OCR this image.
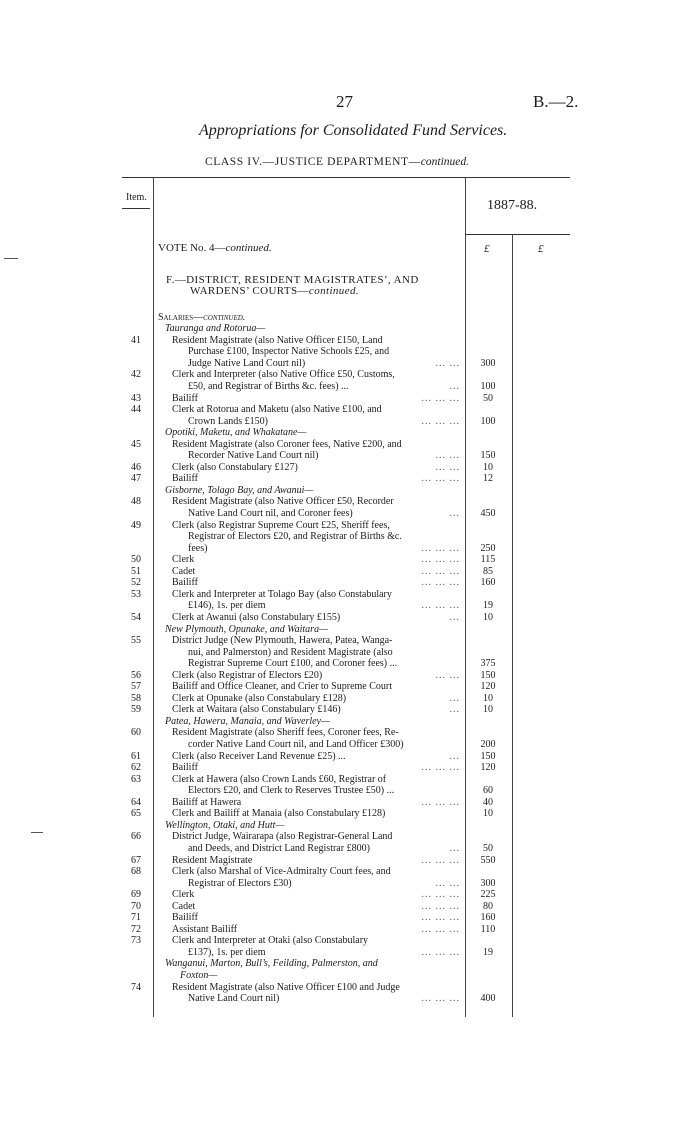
27	B.—2.
Appropriations for Consolidated Fund Services.
CLASS IV.—JUSTICE DEPARTMENT—continued.
Item.
1887-88.
£	£
VOTE No. 4—continued.
F.—DISTRICT, RESIDENT MAGISTRATES’, AND
WARDENS’ COURTS—continued.
Salaries—continued.
Tauranga and Rotorua—
41	Resident Magistrate (also Native Officer £150, Land
Purchase £100, Inspector Native Schools £25, and
Judge Native Land Court nil)	... ...	300
42	Clerk and Interpreter (also Native Office £50, Customs,
£50, and Registrar of Births &c. fees) ...	...	100
43	Bailiff	... ... ...	50
44	Clerk at Rotorua and Maketu (also Native £100, and
Crown Lands £150)	... ... ...	100
Opotiki, Maketu, and Whakatane—
45	Resident Magistrate (also Coroner fees, Native £200, and
Recorder Native Land Court nil)	... ...	150
46	Clerk (also Constabulary £127)	... ...	10
47	Bailiff	... ... ...	12
Gisborne, Tolago Bay, and Awanui—
48	Resident Magistrate (also Native Officer £50, Recorder
Native Land Court nil, and Coroner fees)	...	450
49	Clerk (also Registrar Supreme Court £25, Sheriff fees,
Registrar of Electors £20, and Registrar of Births &c.
fees)	... ... ...	250
50	Clerk	... ... ...	115
51	Cadet	... ... ...	85
52	Bailiff	... ... ...	160
53	Clerk and Interpreter at Tolago Bay (also Constabulary
£146), 1s. per diem	... ... ...	19
54	Clerk at Awanui (also Constabulary £155)	...	10
New Plymouth, Opunake, and Waitara—
55	District Judge (New Plymouth, Hawera, Patea, Wanga-
nui, and Palmerston) and Resident Magistrate (also
Registrar Supreme Court £100, and Coroner fees) ...	375
56	Clerk (also Registrar of Electors £20)	... ...	150
57	Bailiff and Office Cleaner, and Crier to Supreme Court	120
58	Clerk at Opunake (also Constabulary £128)	...	10
59	Clerk at Waitara (also Constabulary £146)	...	10
Patea, Hawera, Manaia, and Waverley—
60	Resident Magistrate (also Sheriff fees, Coroner fees, Re-
corder Native Land Court nil, and Land Officer £300)	200
61	Clerk (also Receiver Land Revenue £25) ...	...	150
62	Bailiff	... ... ...	120
63	Clerk at Hawera (also Crown Lands £60, Registrar of
Electors £20, and Clerk to Reserves Trustee £50) ...	60
64	Bailiff at Hawera	... ... ...	40
65	Clerk and Bailiff at Manaia (also Constabulary £128)	10
Wellington, Otaki, and Hutt—
66	District Judge, Wairarapa (also Registrar-General Land
and Deeds, and District Land Registrar £800)	...	50
67	Resident Magistrate	... ... ...	550
68	Clerk (also Marshal of Vice-Admiralty Court fees, and
Registrar of Electors £30)	... ...	300
69	Clerk	... ... ...	225
70	Cadet	... ... ...	80
71	Bailiff	... ... ...	160
72	Assistant Bailiff	... ... ...	110
73	Clerk and Interpreter at Otaki (also Constabulary
£137), 1s. per diem	... ... ...	19
Wanganui, Marton, Bull’s, Feilding, Palmerston, and
Foxton—
74	Resident Magistrate (also Native Officer £100 and Judge
Native Land Court nil)	... ... ...	400
